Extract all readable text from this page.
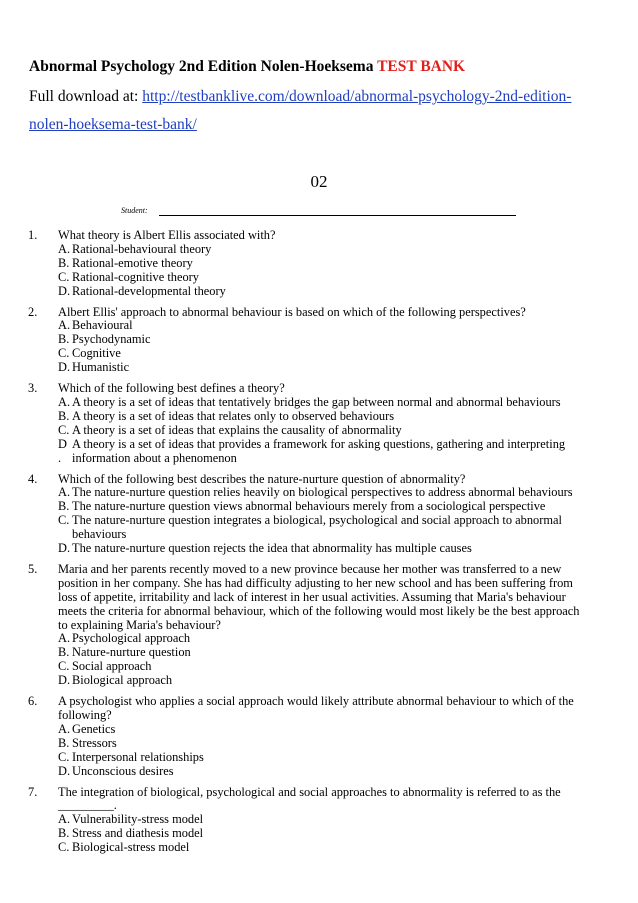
Abnormal Psychology 2nd Edition Nolen-Hoeksema TEST BANK
Full download at: http://testbanklive.com/download/abnormal-psychology-2nd-edition-
nolen-hoeksema-test-bank/
02
Student:
1.	What theory is Albert Ellis associated with?
A. Rational-behavioural theory
B. Rational-emotive theory
C. Rational-cognitive theory
D. Rational-developmental theory
2.	Albert Ellis' approach to abnormal behaviour is based on which of the following perspectives?
A. Behavioural
B. Psychodynamic
C. Cognitive
D. Humanistic
3.	Which of the following best defines a theory?
A. A theory is a set of ideas that tentatively bridges the gap between normal and abnormal behaviours
B. A theory is a set of ideas that relates only to observed behaviours
C. A theory is a set of ideas that explains the causality of abnormality
D A theory is a set of ideas that provides a framework for asking questions, gathering and interpreting
. information about a phenomenon
4.	Which of the following best describes the nature-nurture question of abnormality?
A. The nature-nurture question relies heavily on biological perspectives to address abnormal behaviours
B. The nature-nurture question views abnormal behaviours merely from a sociological perspective
C. The nature-nurture question integrates a biological, psychological and social approach to abnormal
behaviours
D. The nature-nurture question rejects the idea that abnormality has multiple causes
5.	Maria and her parents recently moved to a new province because her mother was transferred to a new
position in her company. She has had difficulty adjusting to her new school and has been suffering from
loss of appetite, irritability and lack of interest in her usual activities. Assuming that Maria's behaviour
meets the criteria for abnormal behaviour, which of the following would most likely be the best approach
to explaining Maria's behaviour?
A. Psychological approach
B. Nature-nurture question
C. Social approach
D. Biological approach
6.	A psychologist who applies a social approach would likely attribute abnormal behaviour to which of the
following?
A. Genetics
B. Stressors
C. Interpersonal relationships
D. Unconscious desires
7.	The integration of biological, psychological and social approaches to abnormality is referred to as the
_________.
A. Vulnerability-stress model
B. Stress and diathesis model
C. Biological-stress model
